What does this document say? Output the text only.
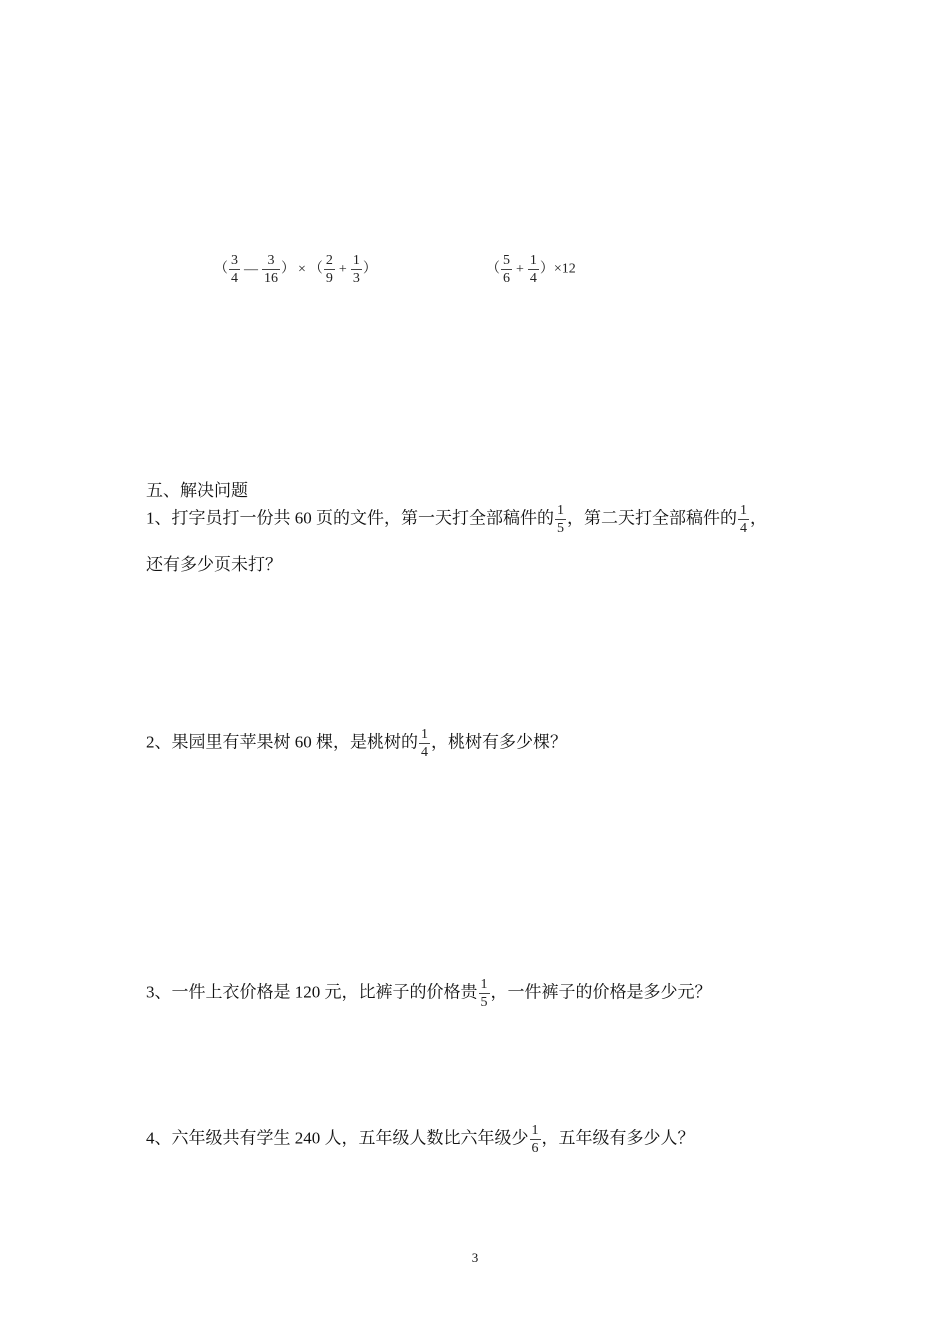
（ $\frac{3}{4}$ — $\frac{3}{16}$ ） × （ $\frac{2}{9} + \frac{1}{3}$ ）	（ $\frac{5}{6} + \frac{1}{4} )\times 12$
五、解决问题
1、打字员打一份共 60 页的文件，第一天打全部稿件的 $\frac{1}{5}$ ，第二天打全部稿件的 $\frac{1}{4}$ ，
还有多少页未打？
2、果园里有苹果树 60 棵，是桃树的 $\frac{1}{4}$ ，桃树有多少棵？
3、一件上衣价格是 120 元，比裤子的价格贵 $\frac{1}{5}$ ，一件裤子的价格是多少元？
4、六年级共有学生 240 人，五年级人数比六年级少 $\frac{1}{6}$ ，五年级有多少人？
3
